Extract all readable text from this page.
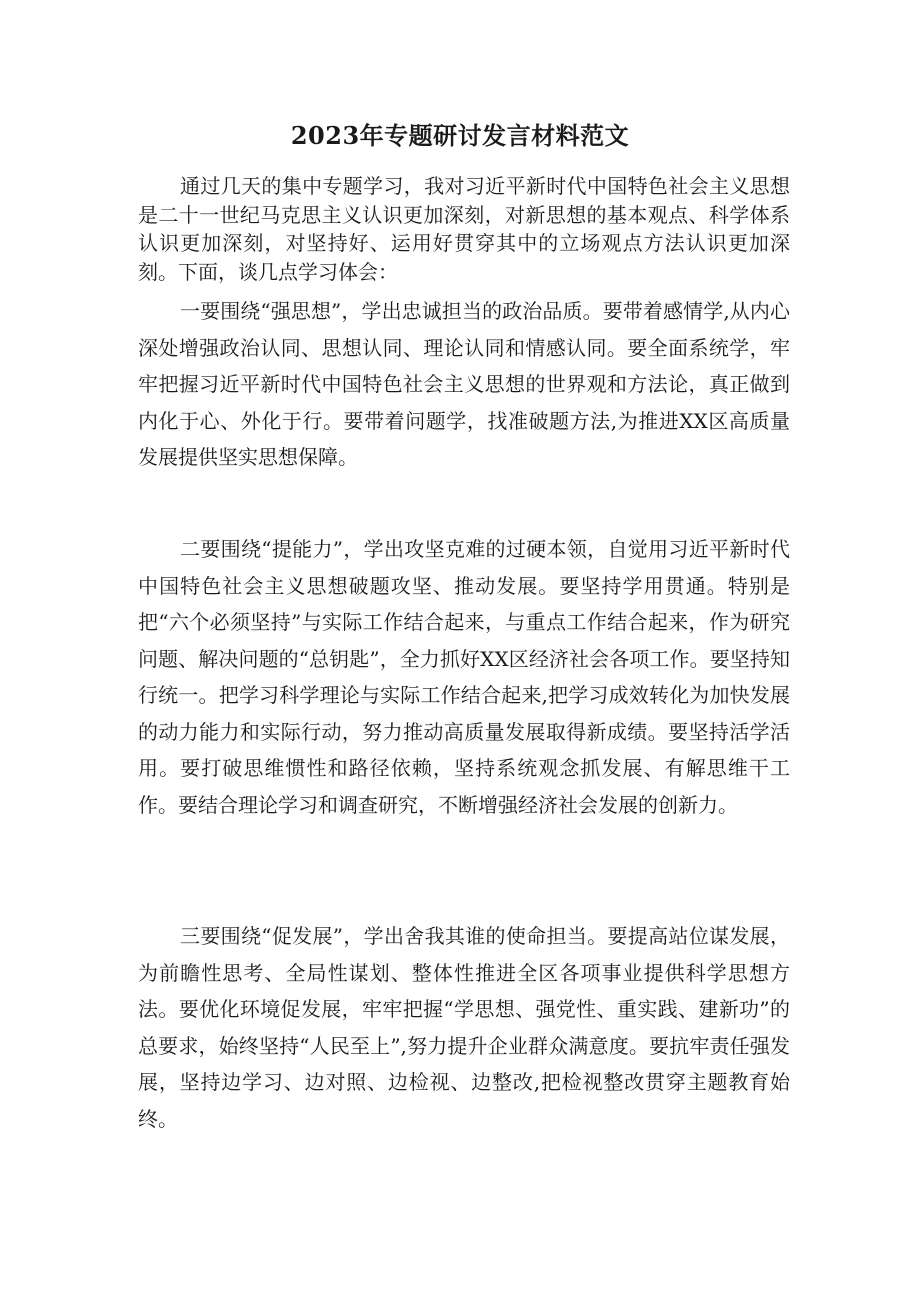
2023年专题研讨发言材料范文

通过几天的集中专题学习，我对习近平新时代中国特色社会主义思想是二十一世纪马克思主义认识更加深刻，对新思想的基本观点、科学体系认识更加深刻，对坚持好、运用好贯穿其中的立场观点方法认识更加深刻。下面，谈几点学习体会：

一要围绕“强思想”，学出忠诚担当的政治品质。要带着感情学,从内心深处增强政治认同、思想认同、理论认同和情感认同。要全面系统学，牢牢把握习近平新时代中国特色社会主义思想的世界观和方法论，真正做到内化于心、外化于行。要带着问题学，找准破题方法,为推进XX区高质量发展提供坚实思想保障。

二要围绕“提能力”，学出攻坚克难的过硬本领，自觉用习近平新时代中国特色社会主义思想破题攻坚、推动发展。要坚持学用贯通。特别是把“六个必须坚持”与实际工作结合起来，与重点工作结合起来，作为研究问题、解决问题的“总钥匙”，全力抓好XX区经济社会各项工作。要坚持知行统一。把学习科学理论与实际工作结合起来,把学习成效转化为加快发展的动力能力和实际行动，努力推动高质量发展取得新成绩。要坚持活学活用。要打破思维惯性和路径依赖，坚持系统观念抓发展、有解思维干工作。要结合理论学习和调查研究，不断增强经济社会发展的创新力。

三要围绕“促发展”，学出舍我其谁的使命担当。要提高站位谋发展，为前瞻性思考、全局性谋划、整体性推进全区各项事业提供科学思想方法。要优化环境促发展，牢牢把握“学思想、强党性、重实践、建新功”的总要求，始终坚持“人民至上”,努力提升企业群众满意度。要抗牢责任强发展，坚持边学习、边对照、边检视、边整改,把检视整改贯穿主题教育始终。
